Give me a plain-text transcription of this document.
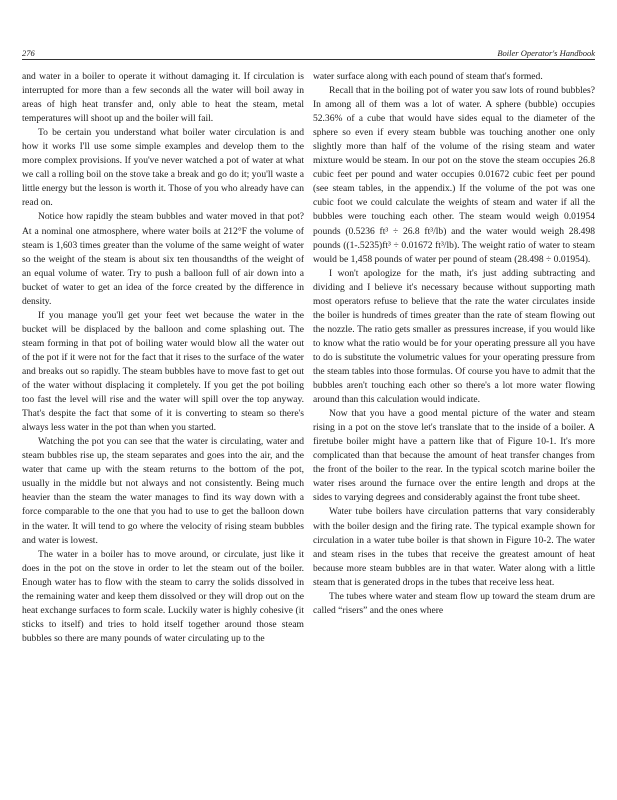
276	Boiler Operator's Handbook

and water in a boiler to operate it without damaging it. If circulation is interrupted for more than a few seconds all the water will boil away in areas of high heat transfer and, only able to heat the steam, metal temperatures will shoot up and the boiler will fail.

To be certain you understand what boiler water circulation is and how it works I'll use some simple examples and develop them to the more complex provisions. If you've never watched a pot of water at what we call a rolling boil on the stove take a break and go do it; you'll waste a little energy but the lesson is worth it. Those of you who already have can read on.

Notice how rapidly the steam bubbles and water moved in that pot? At a nominal one atmosphere, where water boils at 212°F the volume of steam is 1,603 times greater than the volume of the same weight of water so the weight of the steam is about six ten thousandths of the weight of an equal volume of water. Try to push a balloon full of air down into a bucket of water to get an idea of the force created by the difference in density.

If you manage you'll get your feet wet because the water in the bucket will be displaced by the balloon and come splashing out. The steam forming in that pot of boiling water would blow all the water out of the pot if it were not for the fact that it rises to the surface of the water and breaks out so rapidly. The steam bubbles have to move fast to get out of the water without displacing it completely. If you get the pot boiling too fast the level will rise and the water will spill over the top anyway. That's despite the fact that some of it is converting to steam so there's always less water in the pot than when you started.

Watching the pot you can see that the water is circulating, water and steam bubbles rise up, the steam separates and goes into the air, and the water that came up with the steam returns to the bottom of the pot, usually in the middle but not always and not consistently. Being much heavier than the steam the water manages to find its way down with a force comparable to the one that you had to use to get the balloon down in the water. It will tend to go where the velocity of rising steam bubbles and water is lowest.

The water in a boiler has to move around, or circulate, just like it does in the pot on the stove in order to let the steam out of the boiler. Enough water has to flow with the steam to carry the solids dissolved in the remaining water and keep them dissolved or they will drop out on the heat exchange surfaces to form scale. Luckily water is highly cohesive (it sticks to itself) and tries to hold itself together around those steam bubbles so there are many pounds of water circulating up to the

water surface along with each pound of steam that's formed.

Recall that in the boiling pot of water you saw lots of round bubbles? In among all of them was a lot of water. A sphere (bubble) occupies 52.36% of a cube that would have sides equal to the diameter of the sphere so even if every steam bubble was touching another one only slightly more than half of the volume of the rising steam and water mixture would be steam. In our pot on the stove the steam occupies 26.8 cubic feet per pound and water occupies 0.01672 cubic feet per pound (see steam tables, in the appendix.) If the volume of the pot was one cubic foot we could calculate the weights of steam and water if all the bubbles were touching each other. The steam would weigh 0.01954 pounds (0.5236 ft³ ÷ 26.8 ft³/lb) and the water would weigh 28.498 pounds ((1-.5235)ft³ ÷ 0.01672 ft³/lb). The weight ratio of water to steam would be 1,458 pounds of water per pound of steam (28.498 ÷ 0.01954).

I won't apologize for the math, it's just adding subtracting and dividing and I believe it's necessary because without supporting math most operators refuse to believe that the rate the water circulates inside the boiler is hundreds of times greater than the rate of steam flowing out the nozzle. The ratio gets smaller as pressures increase, if you would like to know what the ratio would be for your operating pressure all you have to do is substitute the volumetric values for your operating pressure from the steam tables into those formulas. Of course you have to admit that the bubbles aren't touching each other so there's a lot more water flowing around than this calculation would indicate.

Now that you have a good mental picture of the water and steam rising in a pot on the stove let's translate that to the inside of a boiler. A firetube boiler might have a pattern like that of Figure 10-1. It's more complicated than that because the amount of heat transfer changes from the front of the boiler to the rear. In the typical scotch marine boiler the water rises around the furnace over the entire length and drops at the sides to varying degrees and considerably against the front tube sheet.

Water tube boilers have circulation patterns that vary considerably with the boiler design and the firing rate. The typical example shown for circulation in a water tube boiler is that shown in Figure 10-2. The water and steam rises in the tubes that receive the greatest amount of heat because more steam bubbles are in that water. Water along with a little steam that is generated drops in the tubes that receive less heat.

The tubes where water and steam flow up toward the steam drum are called “risers” and the ones where
